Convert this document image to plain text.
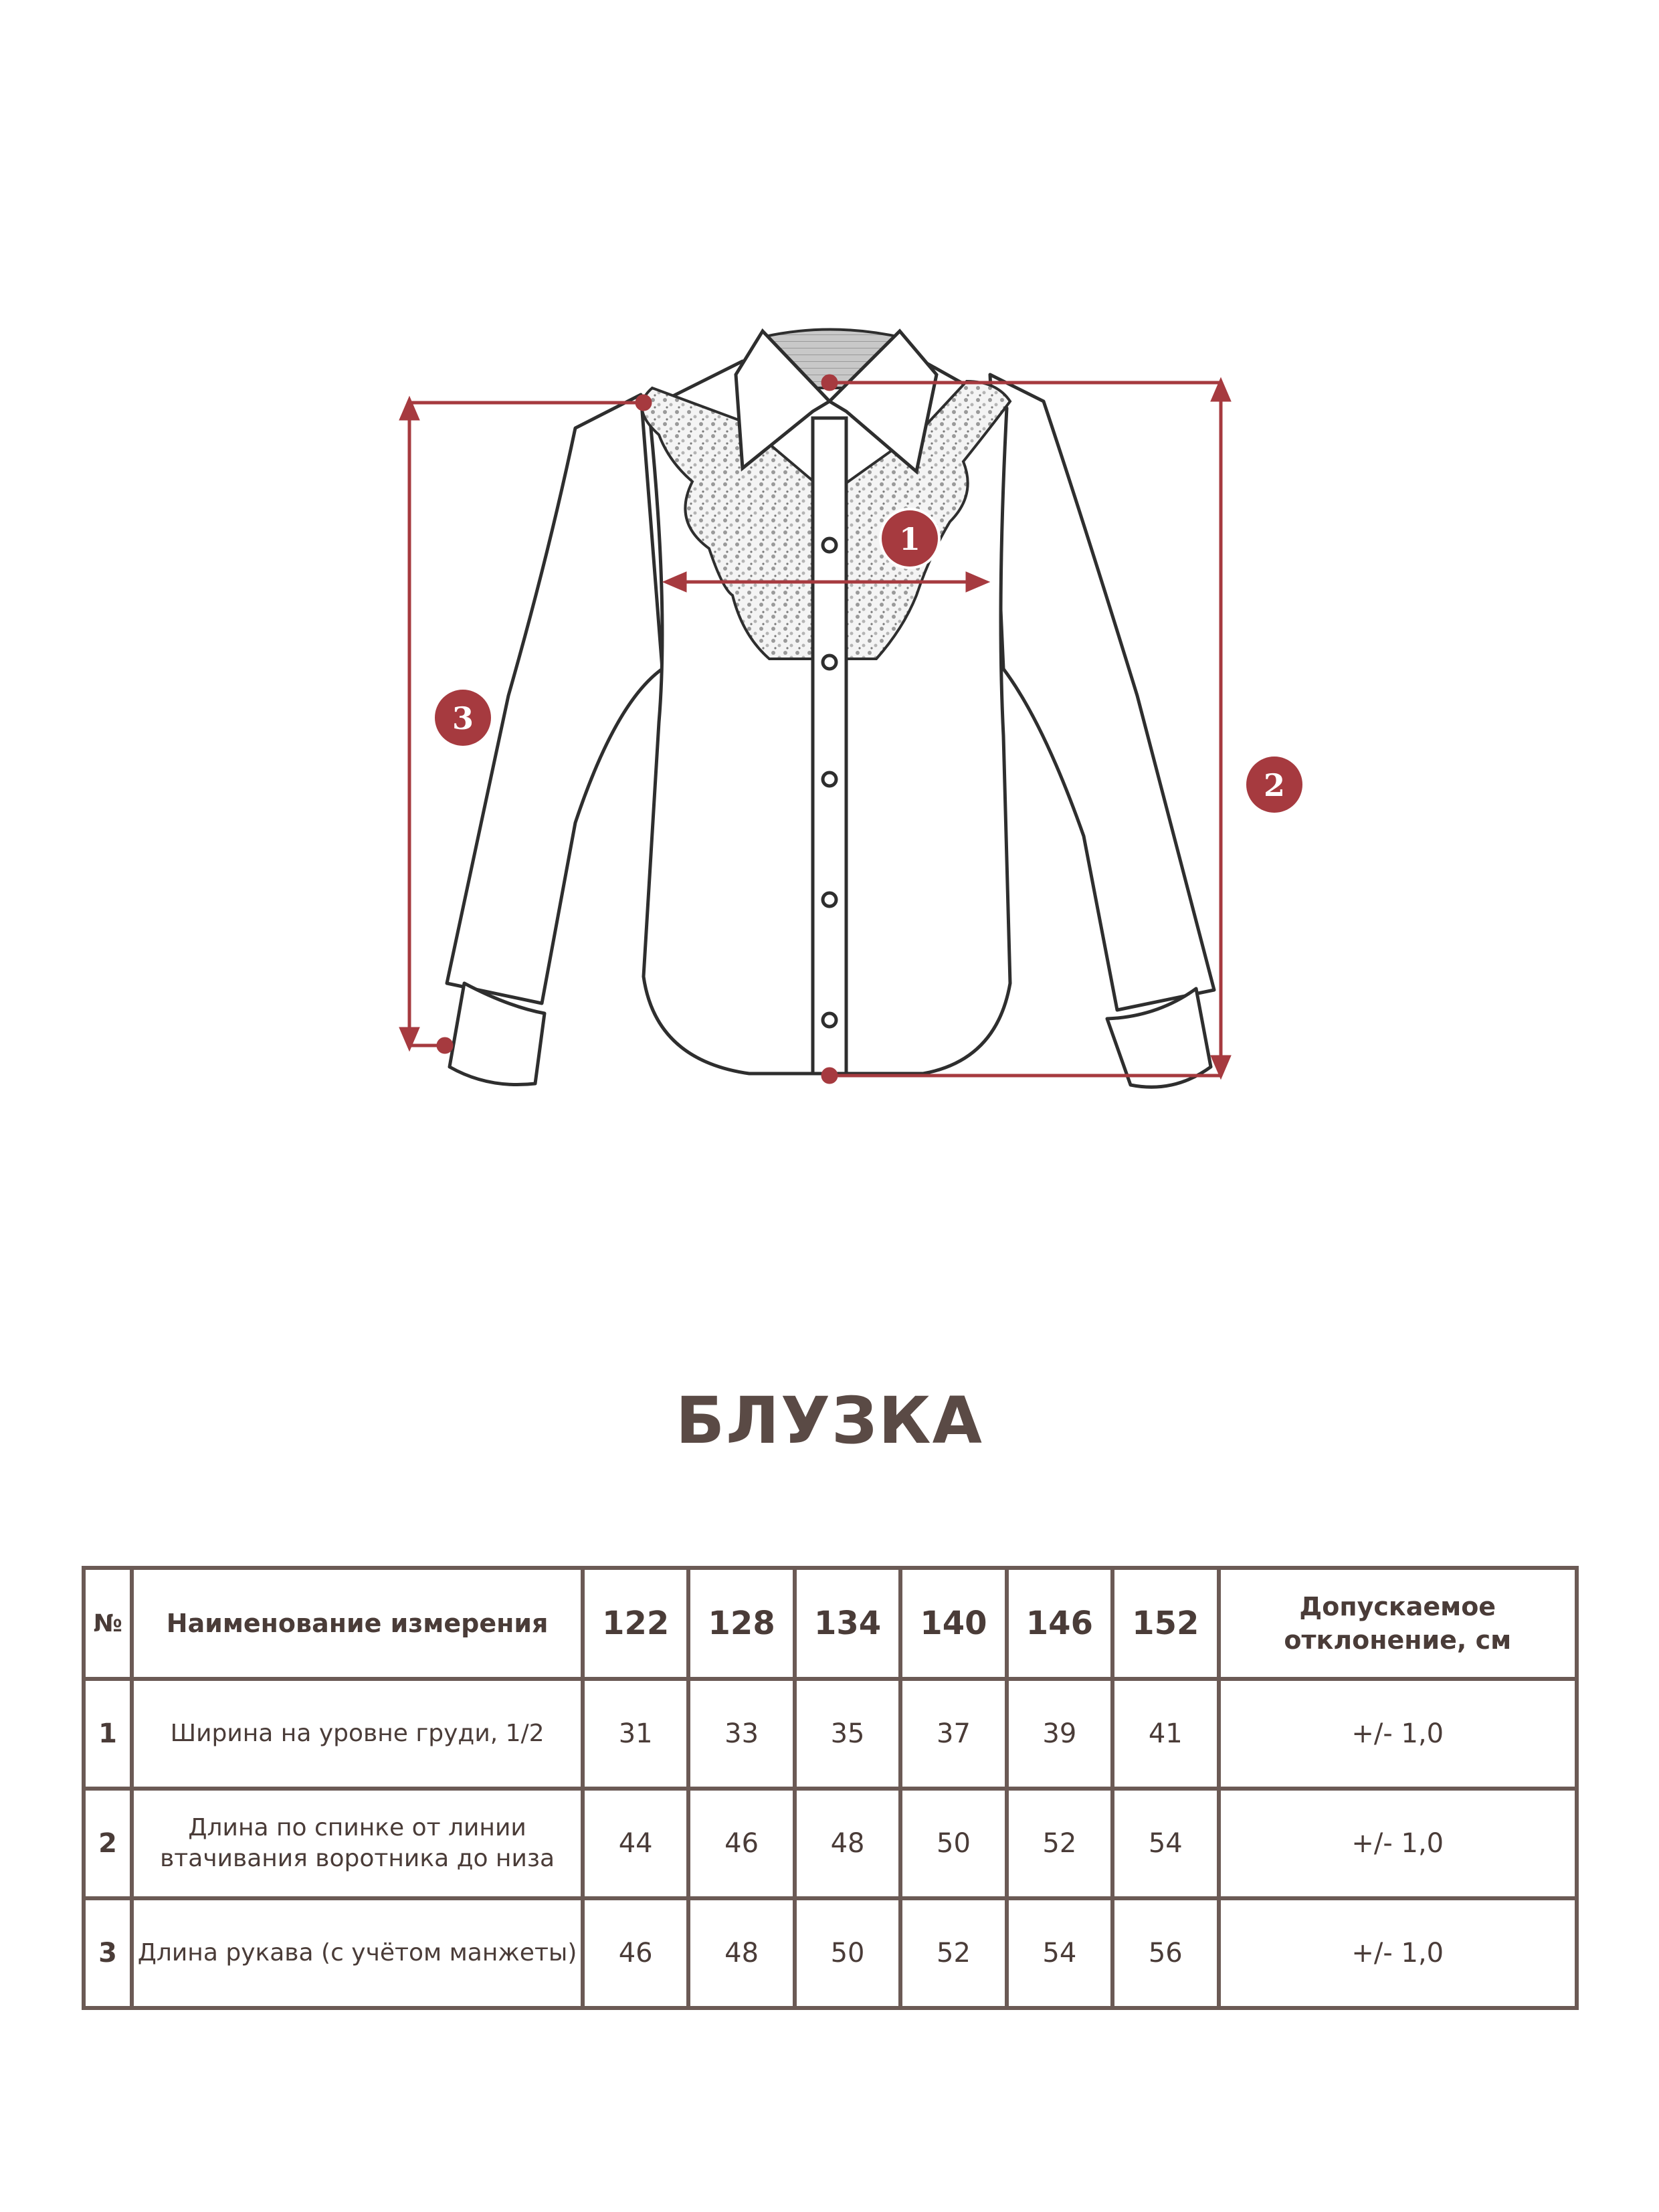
1
2
3
БЛУЗКА
№	Наименование измерения	122	128	134	140	146	152	Допускаемое отклонение, см
1	Ширина на уровне груди, 1/2	31	33	35	37	39	41	+/- 1,0
2	Длина по спинке от линии втачивания воротника до низа	44	46	48	50	52	54	+/- 1,0
3	Длина рукава (с учётом манжеты)	46	48	50	52	54	56	+/- 1,0
